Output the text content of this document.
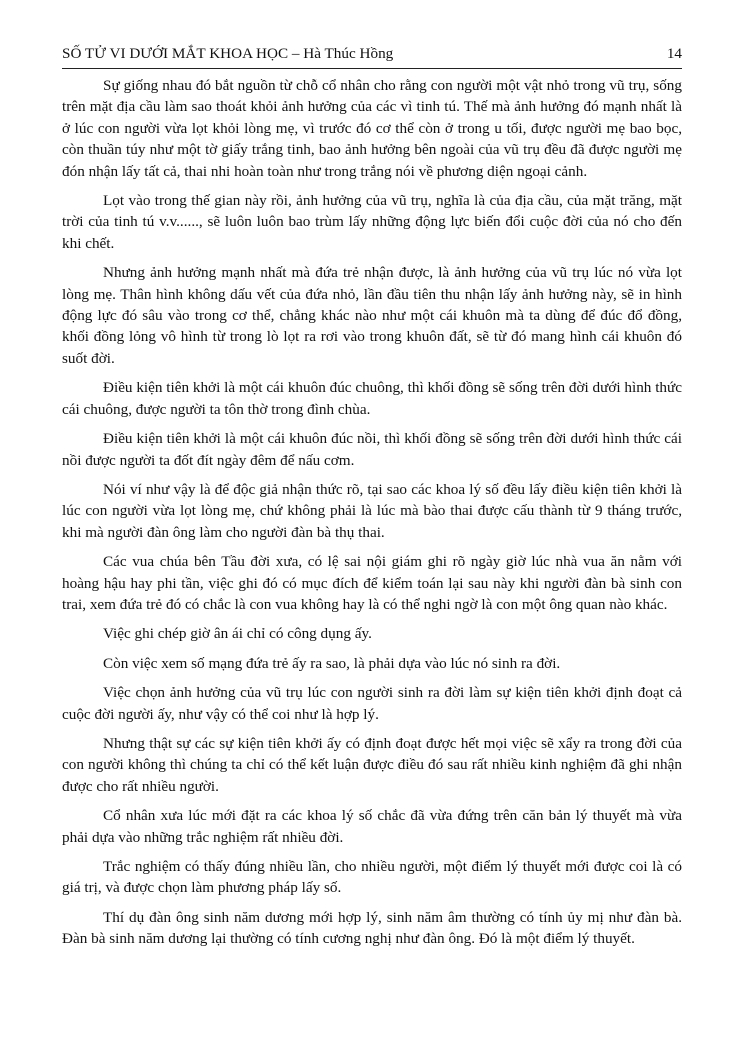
SỐ TỬ VI DƯỚI MẮT KHOA HỌC – Hà Thúc Hồng	14

Sự giống nhau đó bắt nguồn từ chỗ cổ nhân cho rằng con người một vật nhỏ trong vũ trụ, sống trên mặt địa cầu làm sao thoát khỏi ảnh hưởng của các vì tinh tú. Thế mà ảnh hưởng đó mạnh nhất là ở lúc con người vừa lọt khỏi lòng mẹ, vì trước đó cơ thể còn ở trong u tối, được người mẹ bao bọc, còn thuần túy như một tờ giấy trắng tinh, bao ảnh hưởng bên ngoài của vũ trụ đều đã được người mẹ đón nhận lấy tất cả, thai nhi hoàn toàn như trong trắng nói về phương diện ngoại cảnh.

Lọt vào trong thế gian này rồi, ảnh hưởng của vũ trụ, nghĩa là của địa cầu, của mặt trăng, mặt trời của tinh tú v.v......, sẽ luôn luôn bao trùm lấy những động lực biến đổi cuộc đời của nó cho đến khi chết.

Nhưng ảnh hưởng mạnh nhất mà đứa trẻ nhận được, là ảnh hưởng của vũ trụ lúc nó vừa lọt lòng mẹ. Thân hình không dấu vết của đứa nhỏ, lần đầu tiên thu nhận lấy ảnh hưởng này, sẽ in hình động lực đó sâu vào trong cơ thể, chẳng khác nào như một cái khuôn mà ta dùng để đúc đổ đồng, khối đồng lỏng vô hình từ trong lò lọt ra rơi vào trong khuôn đất, sẽ từ đó mang hình cái khuôn đó suốt đời.

Điều kiện tiên khởi là một cái khuôn đúc chuông, thì khối đồng sẽ sống trên đời dưới hình thức cái chuông, được người ta tôn thờ trong đình chùa.

Điều kiện tiên khởi là một cái khuôn đúc nồi, thì khối đồng sẽ sống trên đời dưới hình thức cái nồi được người ta đốt đít ngày đêm để nấu cơm.

Nói ví như vậy là để độc giả nhận thức rõ, tại sao các khoa lý số đều lấy điều kiện tiên khởi là lúc con người vừa lọt lòng mẹ, chứ không phải là lúc mà bào thai được cấu thành từ 9 tháng trước, khi mà người đàn ông làm cho người đàn bà thụ thai.

Các vua chúa bên Tầu đời xưa, có lệ sai nội giám ghi rõ ngày giờ lúc nhà vua ăn nằm với hoàng hậu hay phi tần, việc ghi đó có mục đích để kiểm toán lại sau này khi người đàn bà sinh con trai, xem đứa trẻ đó có chắc là con vua không hay là có thể nghi ngờ là con một ông quan nào khác.

Việc ghi chép giờ ân ái chỉ có công dụng ấy.

Còn việc xem số mạng đứa trẻ ấy ra sao, là phải dựa vào lúc nó sinh ra đời.

Việc chọn ảnh hưởng của vũ trụ lúc con người sinh ra đời làm sự kiện tiên khởi định đoạt cả cuộc đời người ấy, như vậy có thể coi như là hợp lý.

Nhưng thật sự các sự kiện tiên khởi ấy có định đoạt được hết mọi việc sẽ xẩy ra trong đời của con người không thì chúng ta chỉ có thể kết luận được điều đó sau rất nhiều kinh nghiệm đã ghi nhận được cho rất nhiều người.

Cổ nhân xưa lúc mới đặt ra các khoa lý số chắc đã vừa đứng trên căn bản lý thuyết mà vừa phải dựa vào những trắc nghiệm rất nhiều đời.

Trắc nghiệm có thấy đúng nhiều lần, cho nhiều người, một điểm lý thuyết mới được coi là có giá trị, và được chọn làm phương pháp lấy số.

Thí dụ đàn ông sinh năm dương mới hợp lý, sinh năm âm thường có tính ủy mị như đàn bà. Đàn bà sinh năm dương lại thường có tính cương nghị như đàn ông. Đó là một điểm lý thuyết.
